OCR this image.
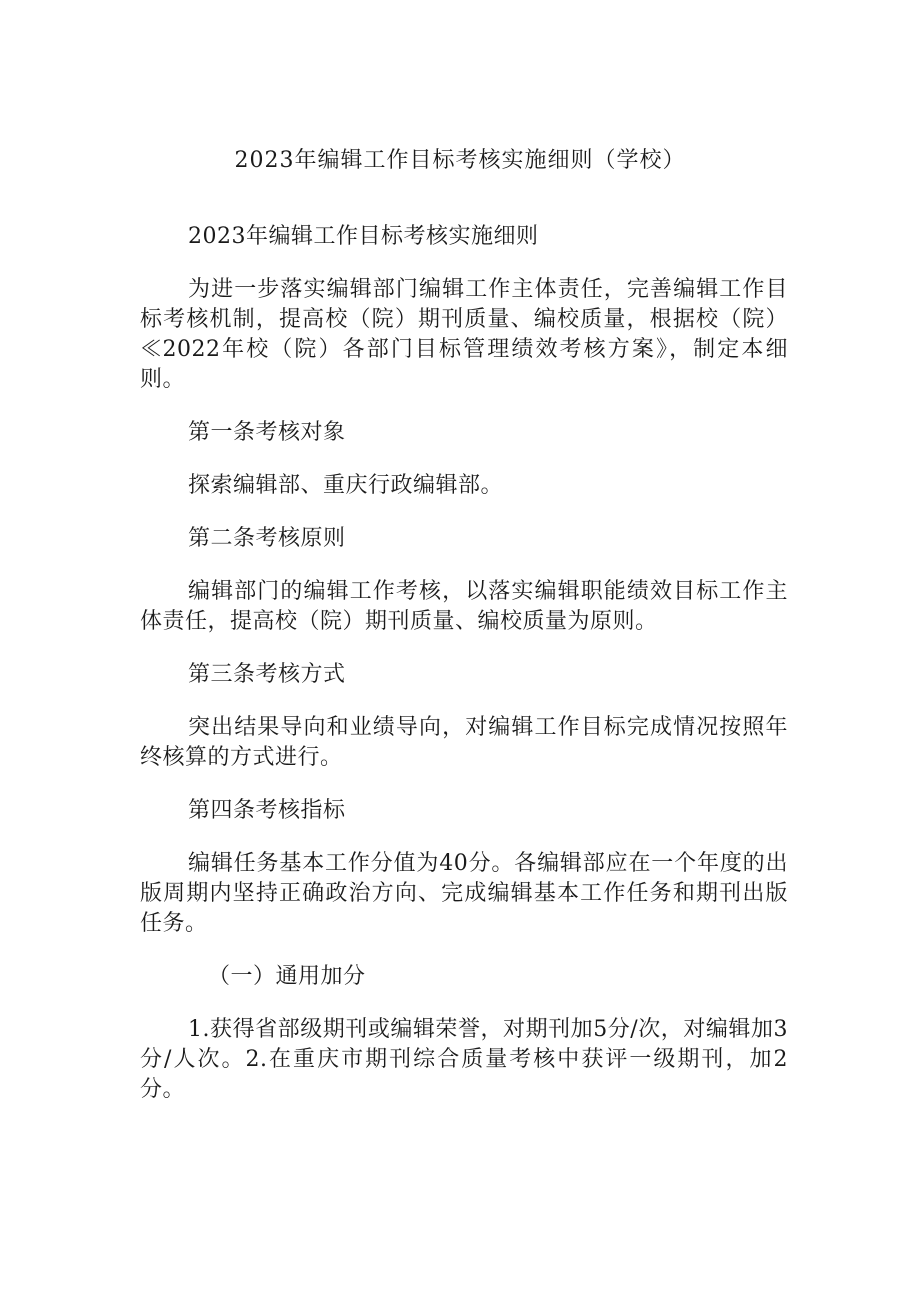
2023年编辑工作目标考核实施细则（学校）

2023年编辑工作目标考核实施细则

为进一步落实编辑部门编辑工作主体责任，完善编辑工作目标考核机制，提高校（院）期刊质量、编校质量，根据校（院）≪2022年校（院）各部门目标管理绩效考核方案》，制定本细则。

第一条考核对象

探索编辑部、重庆行政编辑部。

第二条考核原则

编辑部门的编辑工作考核，以落实编辑职能绩效目标工作主体责任，提高校（院）期刊质量、编校质量为原则。

第三条考核方式

突出结果导向和业绩导向，对编辑工作目标完成情况按照年终核算的方式进行。

第四条考核指标

编辑任务基本工作分值为40分。各编辑部应在一个年度的出版周期内坚持正确政治方向、完成编辑基本工作任务和期刊出版任务。

（一）通用加分

1.获得省部级期刊或编辑荣誉，对期刊加5分/次，对编辑加3分/人次。2.在重庆市期刊综合质量考核中获评一级期刊，加2分。
